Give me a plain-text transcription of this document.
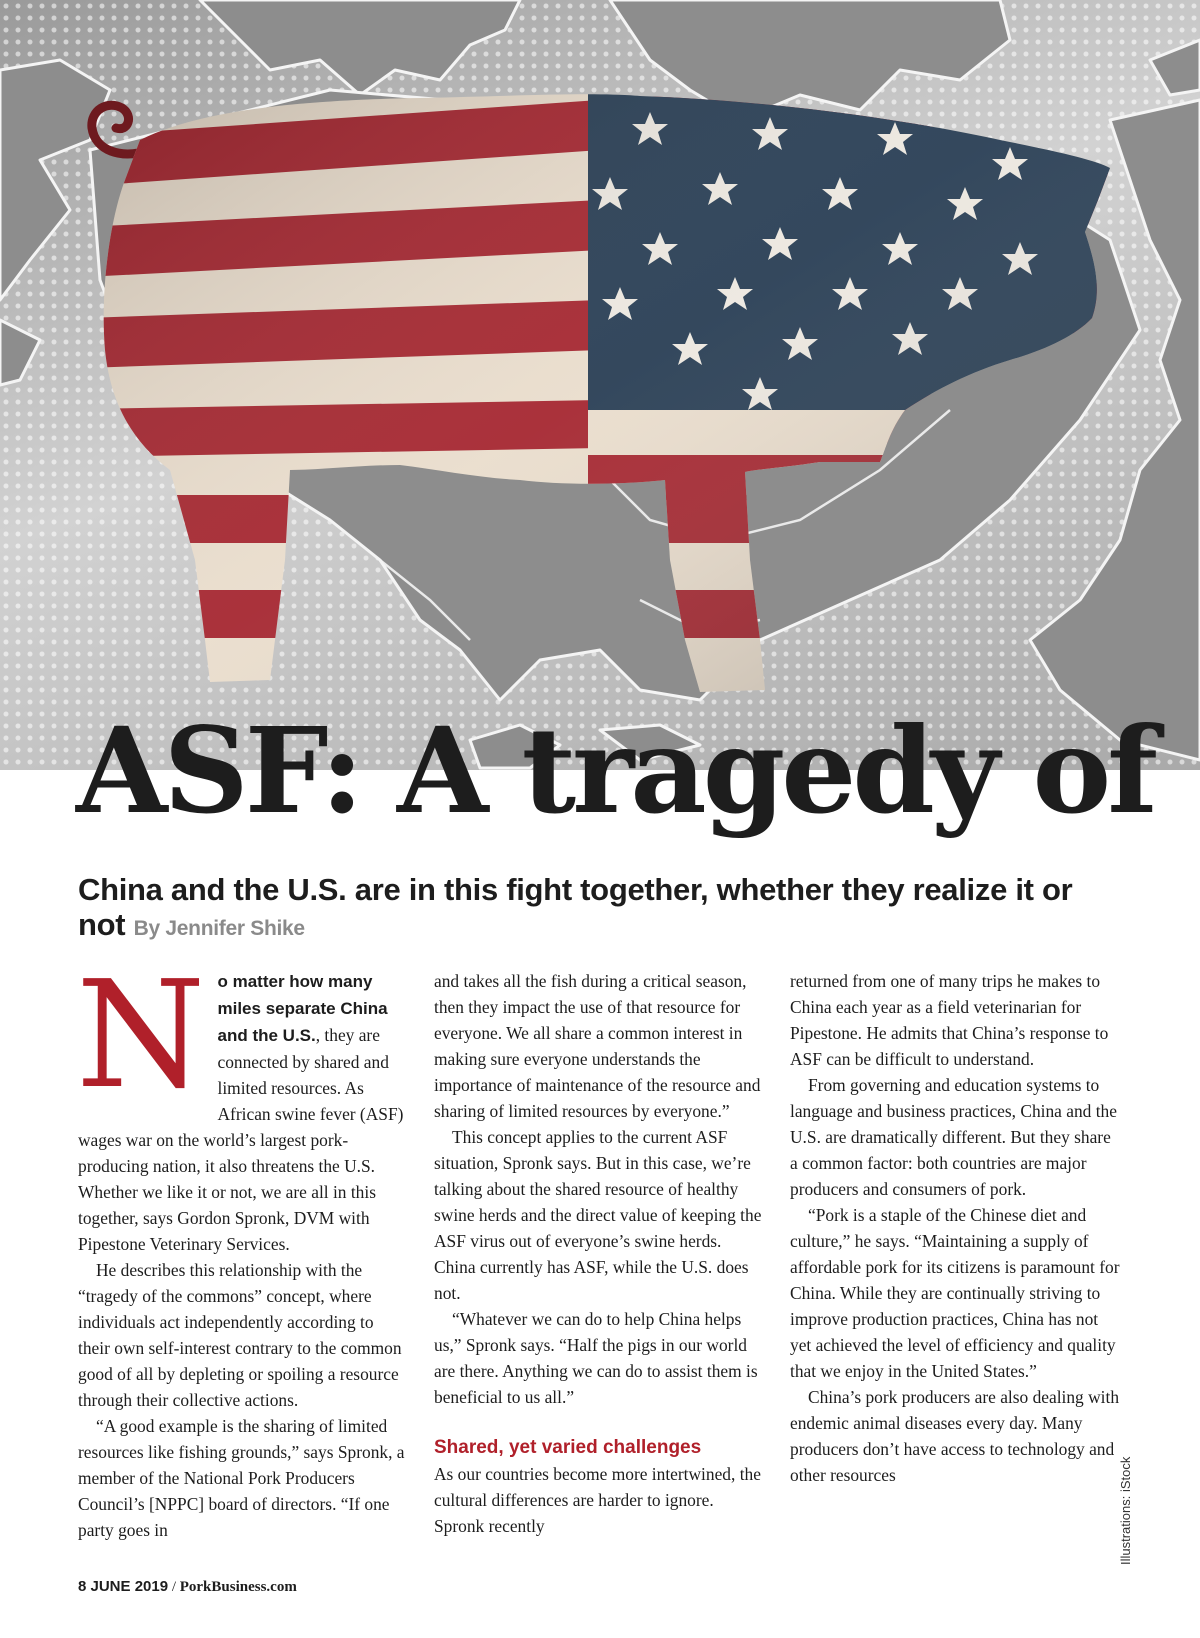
ASF: A tragedy of

China and the U.S. are in this fight together, whether they realize it or not By Jennifer Shike

No matter how many miles separate China and the U.S., they are connected by shared and limited resources. As African swine fever (ASF) wages war on the world’s largest pork-producing nation, it also threatens the U.S. Whether we like it or not, we are all in this together, says Gordon Spronk, DVM with Pipestone Veterinary Services.

He describes this relationship with the “tragedy of the commons” concept, where individuals act independently according to their own self-interest contrary to the common good of all by depleting or spoiling a resource through their collective actions.

“A good example is the sharing of limited resources like fishing grounds,” says Spronk, a member of the National Pork Producers Council’s [NPPC] board of directors. “If one party goes in

and takes all the fish during a critical season, then they impact the use of that resource for everyone. We all share a common interest in making sure everyone understands the importance of maintenance of the resource and sharing of limited resources by everyone.”

This concept applies to the current ASF situation, Spronk says. But in this case, we’re talking about the shared resource of healthy swine herds and the direct value of keeping the ASF virus out of everyone’s swine herds. China currently has ASF, while the U.S. does not.

“Whatever we can do to help China helps us,” Spronk says. “Half the pigs in our world are there. Anything we can do to assist them is beneficial to us all.”

Shared, yet varied challenges

As our countries become more intertwined, the cultural differences are harder to ignore. Spronk recently

returned from one of many trips he makes to China each year as a field veterinarian for Pipestone. He admits that China’s response to ASF can be difficult to understand.

From governing and education systems to language and business practices, China and the U.S. are dramatically different. But they share a common factor: both countries are major producers and consumers of pork.

“Pork is a staple of the Chinese diet and culture,” he says. “Maintaining a supply of affordable pork for its citizens is paramount for China. While they are continually striving to improve production practices, China has not yet achieved the level of efficiency and quality that we enjoy in the United States.”

China’s pork producers are also dealing with endemic animal diseases every day. Many producers don’t have access to technology and other resources	Illustrations: iStock
8 JUNE 2019 / PorkBusiness.com
